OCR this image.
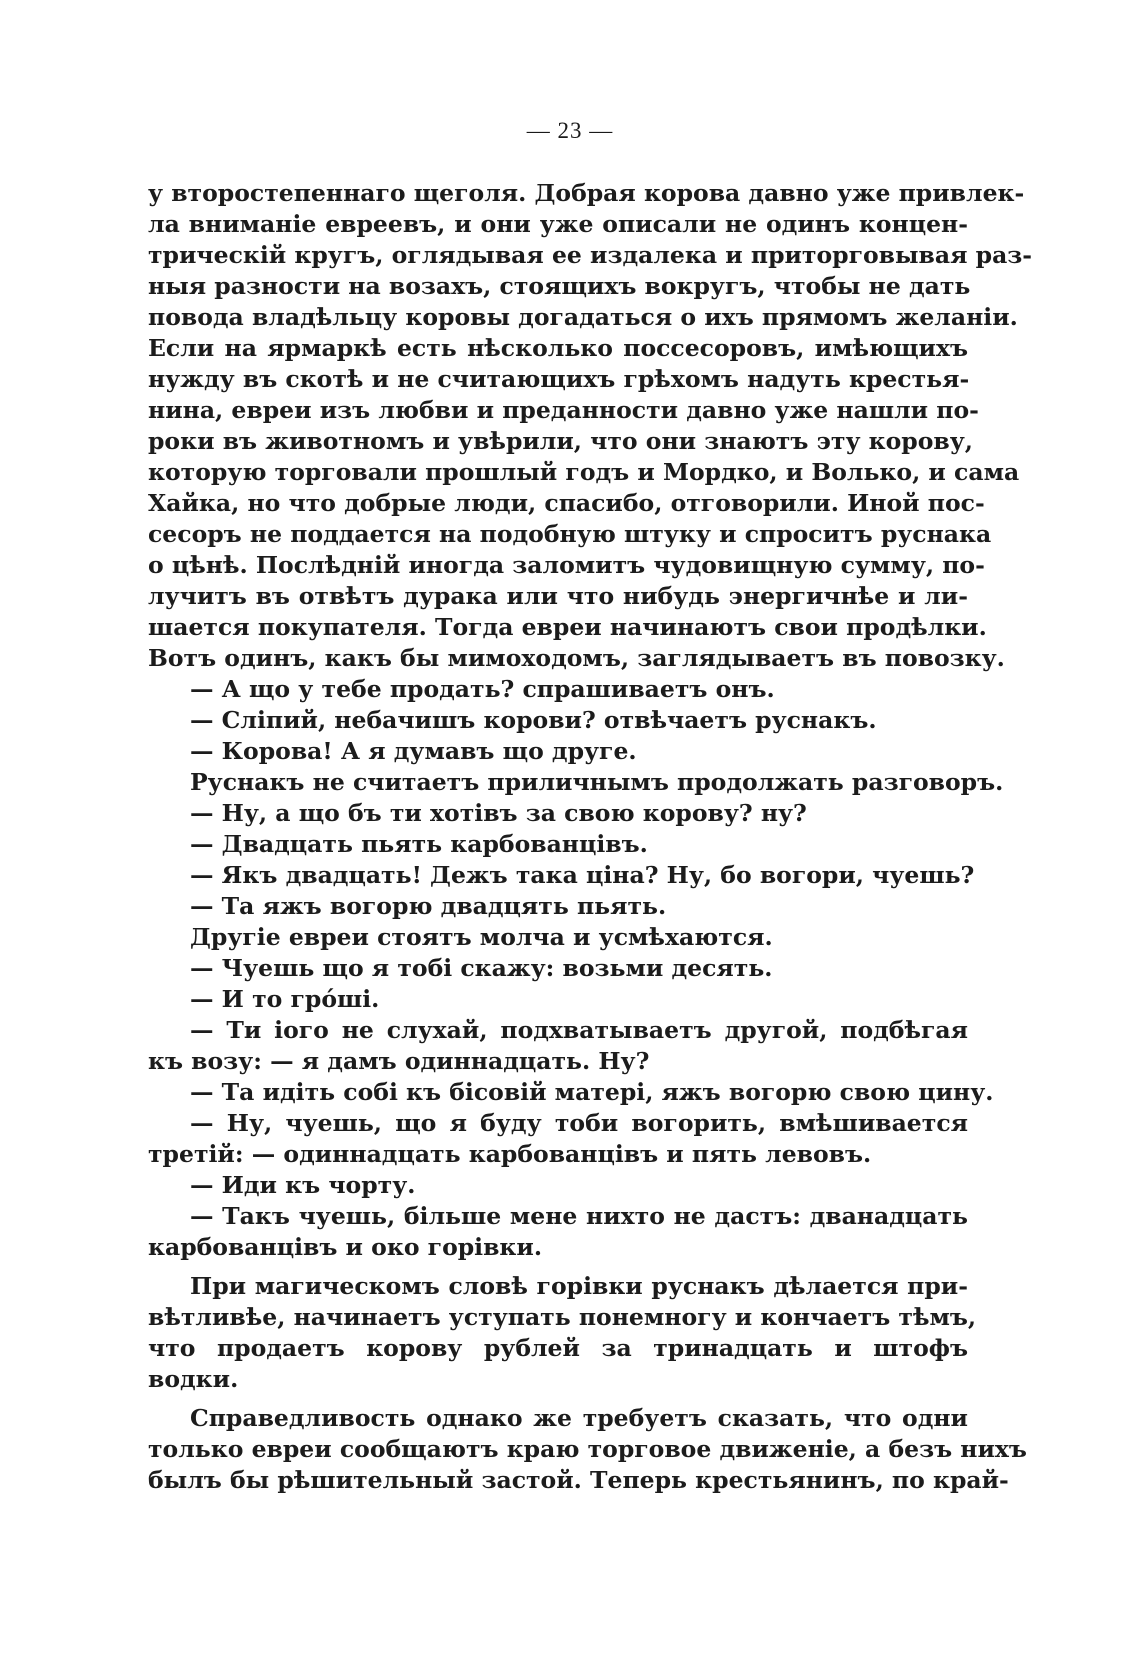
— 23 —
у второстепеннаго щеголя. Добрая корова давно уже привлек-
ла вниманіе евреевъ, и они уже описали не одинъ концен-
трическій кругъ, оглядывая ее издалека и приторговывая раз-
ныя разности на возахъ, стоящихъ вокругъ, чтобы не дать
повода владѣльцу коровы догадаться о ихъ прямомъ желаніи.
Если на ярмаркѣ есть нѣсколько поссесоровъ, имѣющихъ
нужду въ скотѣ и не считающихъ грѣхомъ надуть крестья-
нина, евреи изъ любви и преданности давно уже нашли по-
роки въ животномъ и увѣрили, что они знаютъ эту корову,
которую торговали прошлый годъ и Мордко, и Волько, и сама
Хайка, но что добрые люди, спасибо, отговорили. Иной пос-
сесоръ не поддается на подобную штуку и спроситъ руснака
о цѣнѣ. Послѣдній иногда заломитъ чудовищную сумму, по-
лучитъ въ отвѣтъ дурака или что нибудь энергичнѣе и ли-
шается покупателя. Тогда евреи начинаютъ свои продѣлки.
Вотъ одинъ, какъ бы мимоходомъ, заглядываетъ въ повозку.
— А що у тебе продать? спрашиваетъ онъ.
— Сліпий, небачишъ корови? отвѣчаетъ руснакъ.
— Корова! А я думавъ що друге.
Руснакъ не считаетъ приличнымъ продолжать разговоръ.
— Ну, а що бъ ти хотівъ за свою корову? ну?
— Двадцать пьять карбованцівъ.
— Якъ двадцать! Дежъ така ціна? Ну, бо вогори, чуешь?
— Та яжъ вогорю двадцять пьять.
Другіе евреи стоятъ молча и усмѣхаются.
— Чуешь що я тобі скажу: возьми десять.
— И то грóші.
— Ти іого не слухай, подхватываетъ другой, подбѣгая
къ возу: — я дамъ одиннадцать. Ну?
— Та идіть собі къ бісовій матері, яжъ вогорю свою цину.
— Ну, чуешь, що я буду тоби вогорить, вмѣшивается
третій: — одиннадцать карбованцівъ и пять левовъ.
— Иди къ чорту.
— Такъ чуешь, більше мене нихто не дастъ: дванадцать
карбованцівъ и око горівки.
При магическомъ словѣ горівки руснакъ дѣлается при-
вѣтливѣе, начинаетъ уступать понемногу и кончаетъ тѣмъ,
что продаетъ корову рублей за тринадцать и штофъ
водки.
Справедливость однако же требуетъ сказать, что одни
только евреи сообщаютъ краю торговое движеніе, а безъ нихъ
былъ бы рѣшительный застой. Теперь крестьянинъ, по край-
